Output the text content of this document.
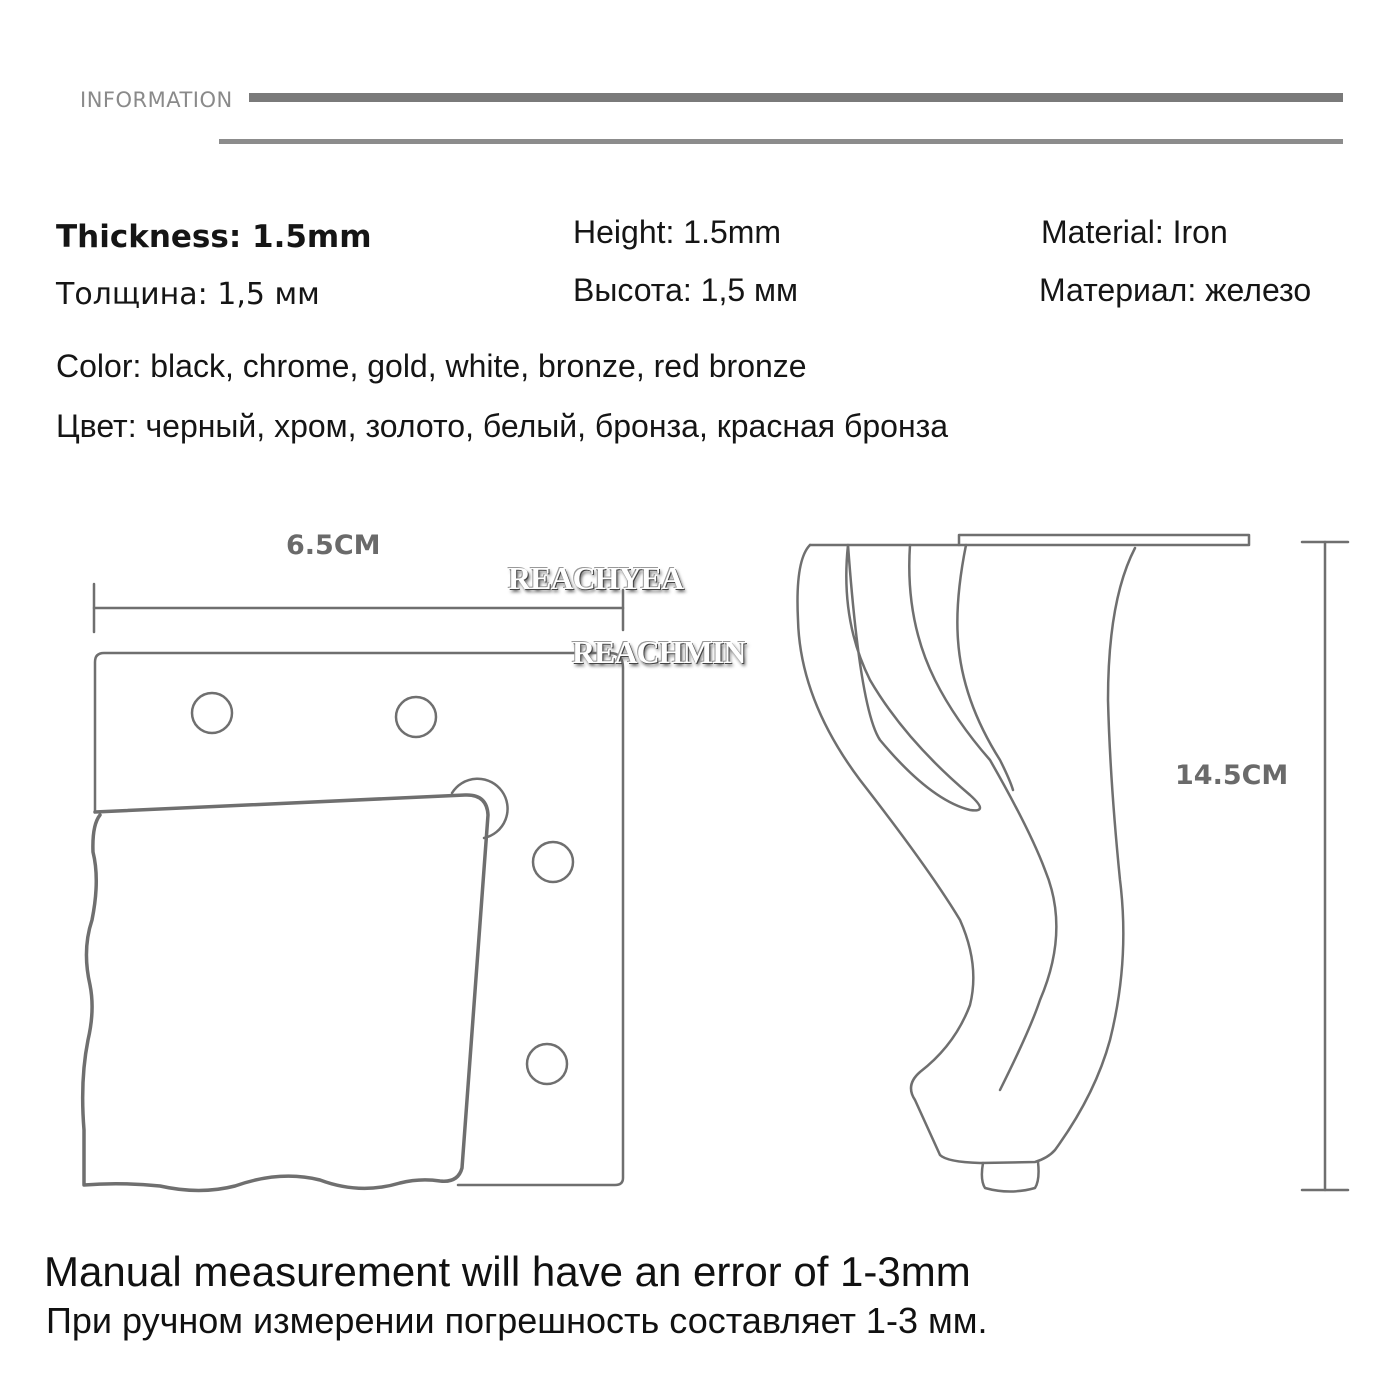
INFORMATION
Thickness: 1.5mm
Толщина: 1,5 мм
Height: 1.5mm
Высота: 1,5 мм
Material: Iron
Материал: железо
Color: black, chrome, gold, white, bronze, red bronze
Цвет: черный, хром, золото, белый, бронза, красная бронза
6.5CM
14.5CM
REACHYEA
REACHMIN
Manual measurement will have an error of 1-3mm
При ручном измерении погрешность составляет 1-3 мм.
